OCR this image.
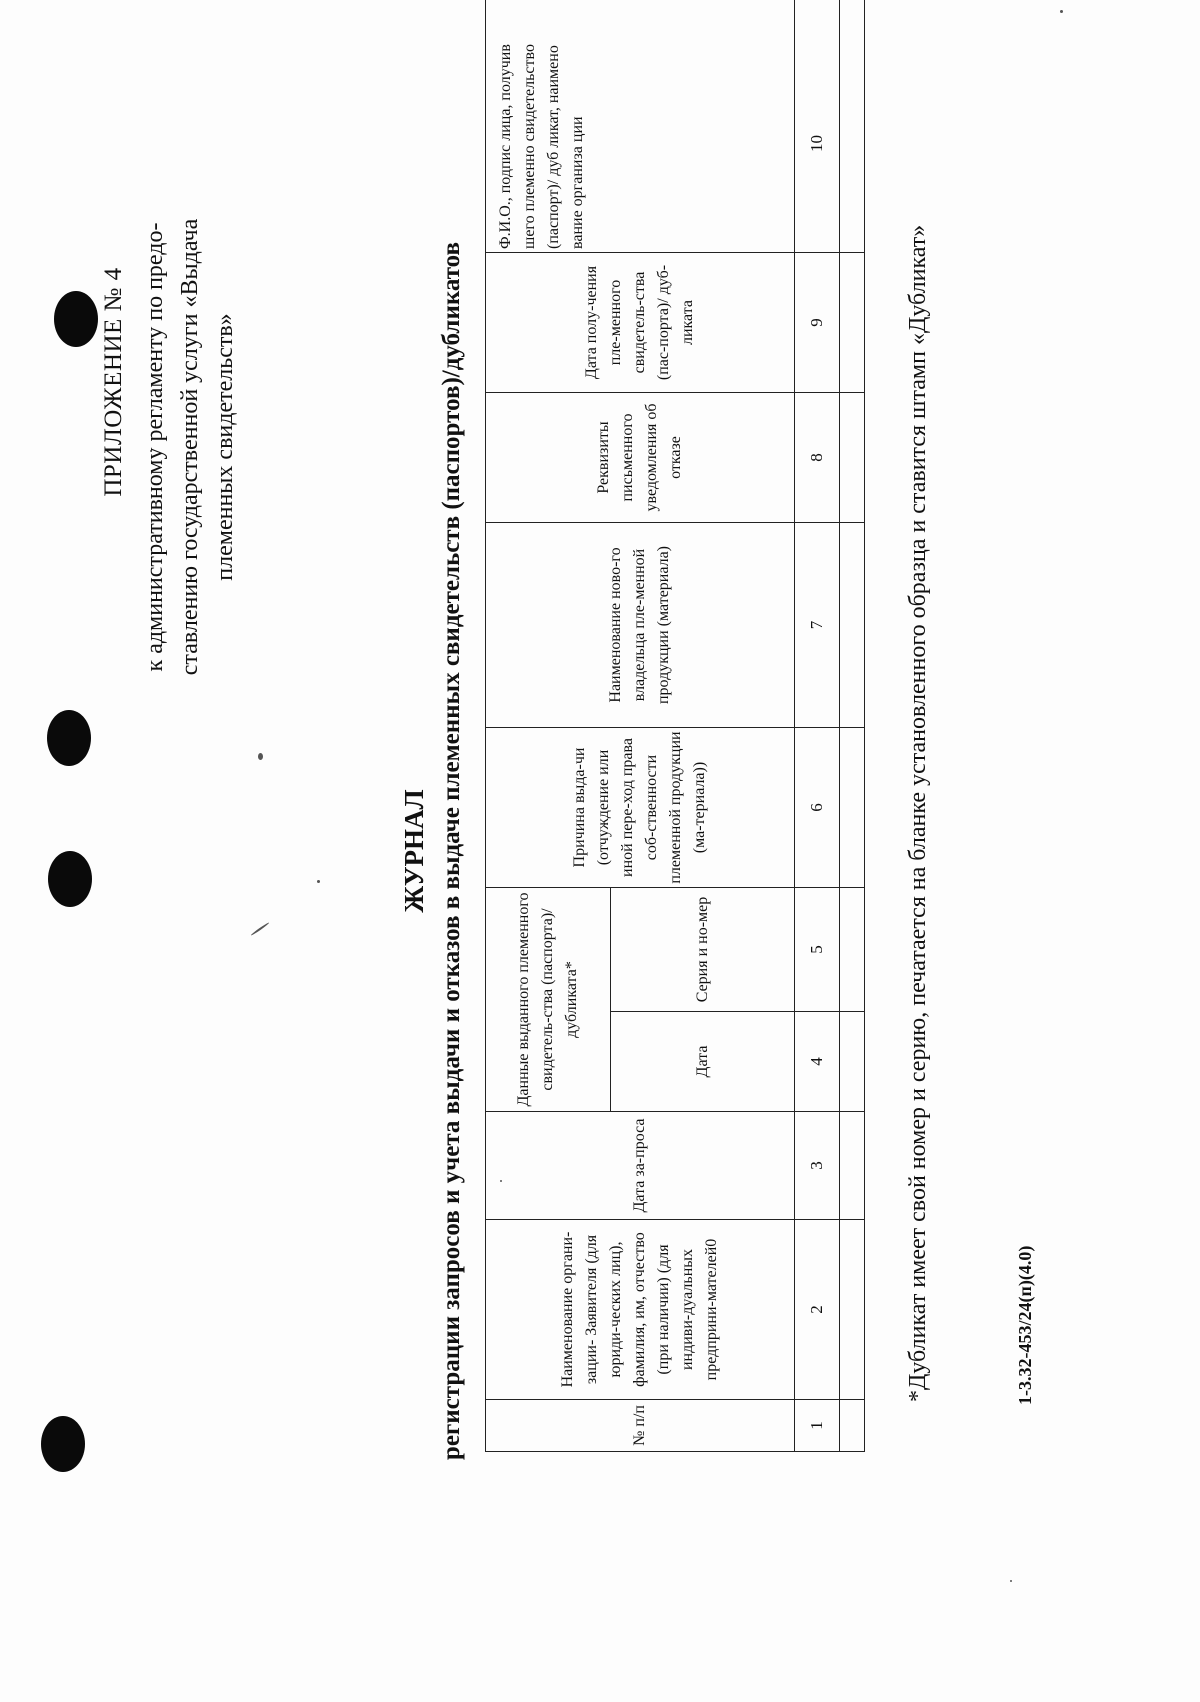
ПРИЛОЖЕНИЕ № 4 к административному регламенту по предо- ставлению государственной услуги «Выдача племенных свидетельств»
ЖУРНАЛ регистрации запросов и учета выдачи и отказов в выдаче племенных свидетельств (паспортов)/дубликатов	№ п/п	Наименование органи-зации- Заявителя (для юриди-ческих лиц), фамилия, им, отчество (при наличии) (для индиви-дуальных предприни-мателей0	Дата за-проса	Данные выданного племенного свидетель-ства (паспорта)/ дубликата*		Причина выда-чи (отчуждение или иной пере-ход права соб-ственности племенной продукции (ма-териала))	Наименование ново-го владельца пле-менной продукции (материала)	Реквизиты письменного уведомления об отказе	Дата полу-чения пле-менного свидетель-ства (пас-порта)/ дуб-ликата	Ф.И.О., подпис лица, получив шего племенно свидетельство (паспорт)/ дуб ликат, наимено вание организа ции

			Дата	Серия и но-мер					
1	2	3	4	5	6	7	8	9	10

*Дубликат имеет свой номер и серию, печатается на бланке установленного образца и ставится штамп «Дубликат»	1-3.32-453/24(п)(4.0)
